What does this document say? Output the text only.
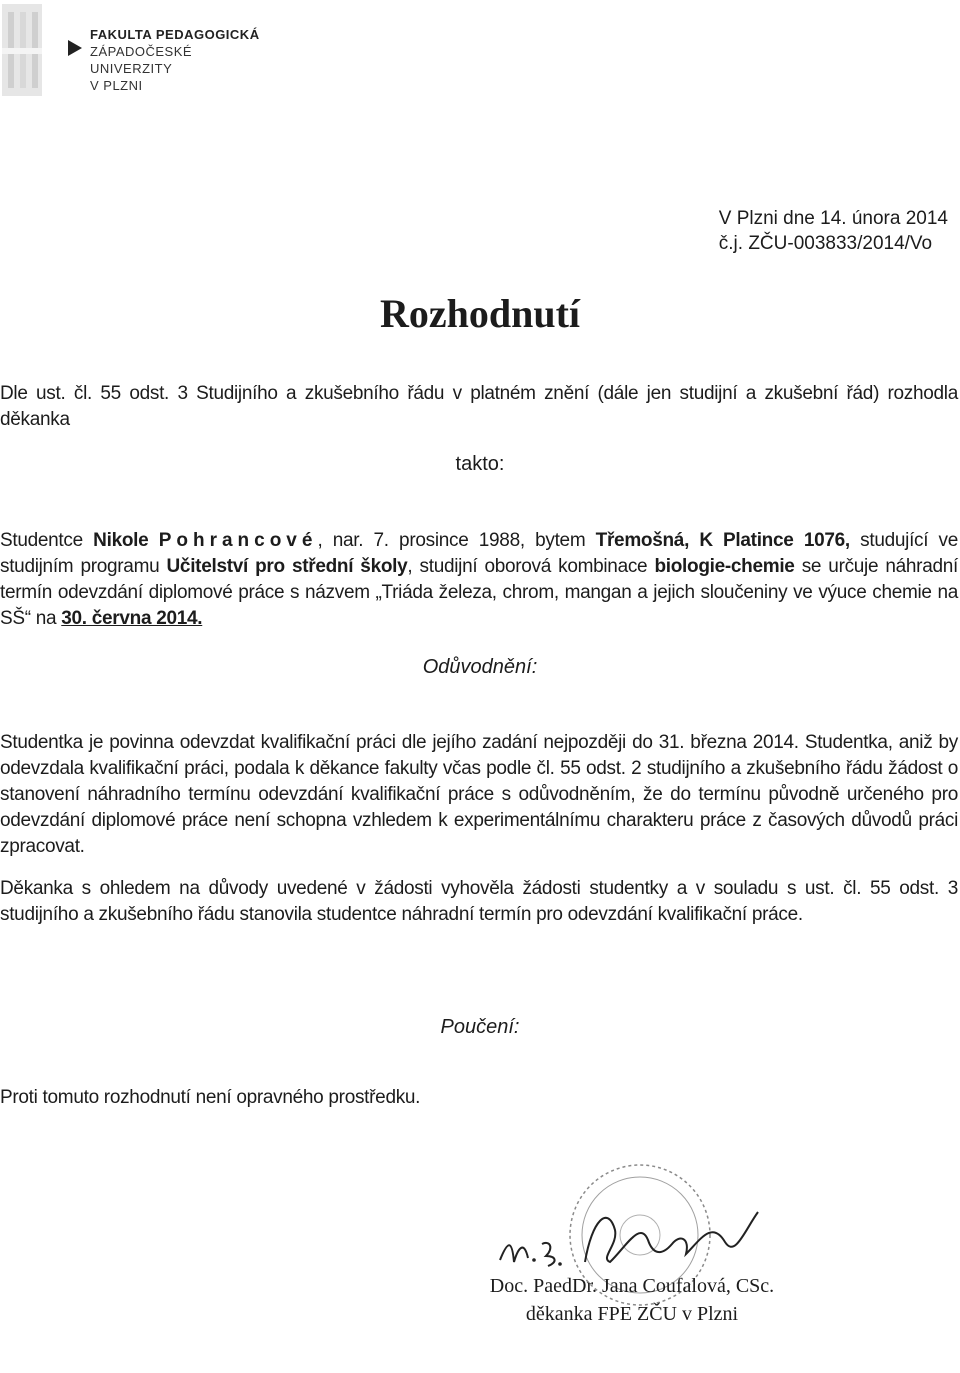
FAKULTA PEDAGOGICKÁ
ZÁPADOČESKÉ
UNIVERZITY
V PLZNI
V Plzni dne 14. února 2014
č.j. ZČU-003833/2014/Vo
Rozhodnutí
Dle ust. čl. 55 odst. 3 Studijního a zkušebního řádu v platném znění (dále jen studijní a zkušební řád) rozhodla děkanka
takto:
Studentce Nikole Pohrancové, nar. 7. prosince 1988, bytem Třemošná, K Platince 1076, studující ve studijním programu Učitelství pro střední školy, studijní oborová kombinace biologie-chemie se určuje náhradní termín odevzdání diplomové práce s názvem „Triáda železa, chrom, mangan a jejich sloučeniny ve výuce chemie na SŠ“ na 30. června 2014.
Odůvodnění:
Studentka je povinna odevzdat kvalifikační práci dle jejího zadání nejpozději do 31. března 2014. Studentka, aniž by odevzdala kvalifikační práci, podala k děkance fakulty včas podle čl. 55 odst. 2 studijního a zkušebního řádu žádost o stanovení náhradního termínu odevzdání kvalifikační práce s odůvodněním, že do termínu původně určeného pro odevzdání diplomové práce není schopna vzhledem k experimentálnímu charakteru práce z časových důvodů práci zpracovat.
Děkanka s ohledem na důvody uvedené v žádosti vyhověla žádosti studentky a v souladu s ust. čl. 55 odst. 3 studijního a zkušebního řádu stanovila studentce náhradní termín pro odevzdání kvalifikační práce.
Poučení:
Proti tomuto rozhodnutí není opravného prostředku.
Doc. PaedDr. Jana Coufalová, CSc.
děkanka FPE ZČU v Plzni
